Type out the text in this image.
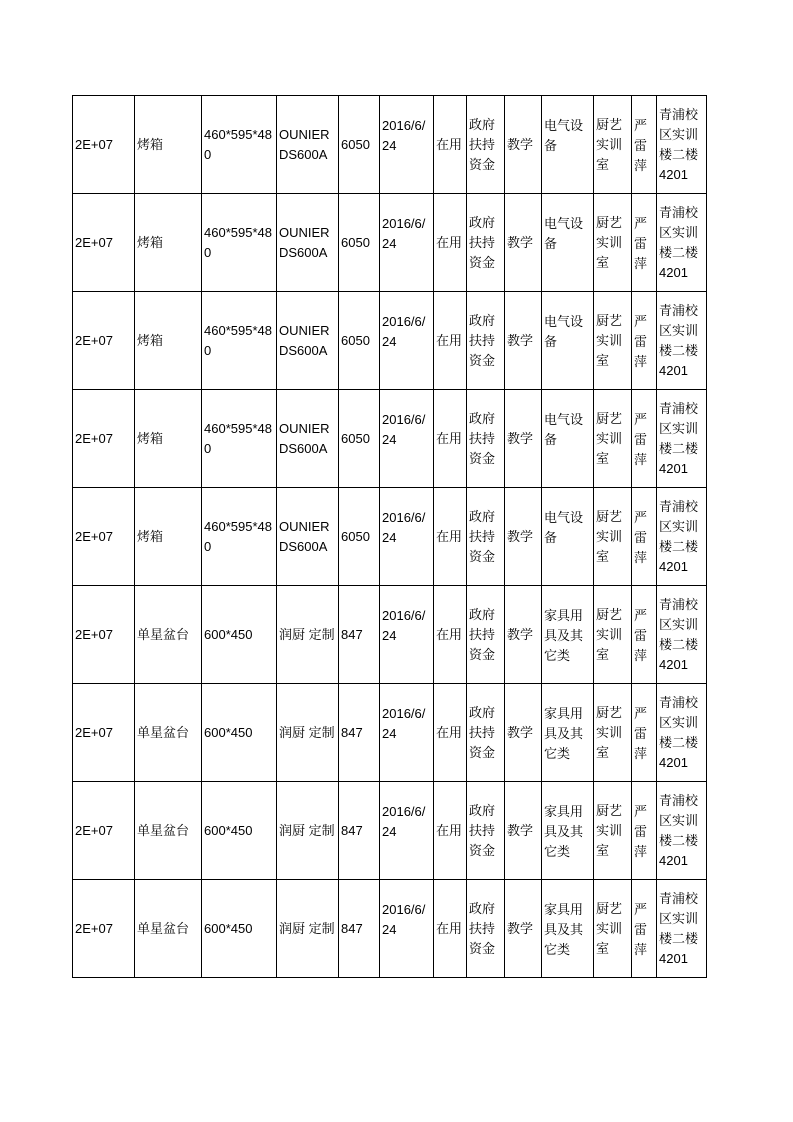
2E+07	烤箱	460*595*480	OUNIER DS600A	6050	2016/6/24	在用	政府扶持资金	教学	电气设备	厨艺实训室	严雷萍	青浦校区实训楼二楼4201
2E+07	烤箱	460*595*480	OUNIER DS600A	6050	2016/6/24	在用	政府扶持资金	教学	电气设备	厨艺实训室	严雷萍	青浦校区实训楼二楼4201
2E+07	烤箱	460*595*480	OUNIER DS600A	6050	2016/6/24	在用	政府扶持资金	教学	电气设备	厨艺实训室	严雷萍	青浦校区实训楼二楼4201
2E+07	烤箱	460*595*480	OUNIER DS600A	6050	2016/6/24	在用	政府扶持资金	教学	电气设备	厨艺实训室	严雷萍	青浦校区实训楼二楼4201
2E+07	烤箱	460*595*480	OUNIER DS600A	6050	2016/6/24	在用	政府扶持资金	教学	电气设备	厨艺实训室	严雷萍	青浦校区实训楼二楼4201
2E+07	单星盆台	600*450	润厨 定制	847	2016/6/24	在用	政府扶持资金	教学	家具用具及其它类	厨艺实训室	严雷萍	青浦校区实训楼二楼4201
2E+07	单星盆台	600*450	润厨 定制	847	2016/6/24	在用	政府扶持资金	教学	家具用具及其它类	厨艺实训室	严雷萍	青浦校区实训楼二楼4201
2E+07	单星盆台	600*450	润厨 定制	847	2016/6/24	在用	政府扶持资金	教学	家具用具及其它类	厨艺实训室	严雷萍	青浦校区实训楼二楼4201
2E+07	单星盆台	600*450	润厨 定制	847	2016/6/24	在用	政府扶持资金	教学	家具用具及其它类	厨艺实训室	严雷萍	青浦校区实训楼二楼4201
